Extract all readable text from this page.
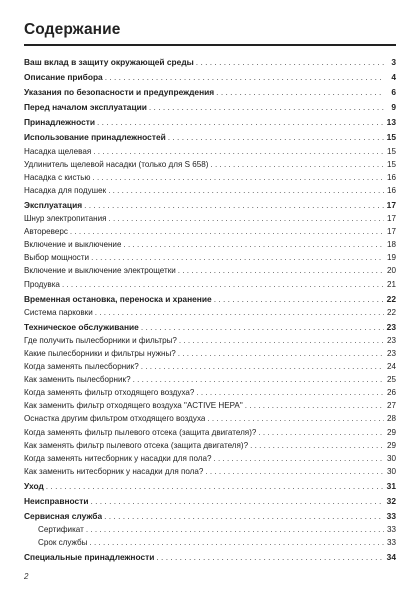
Содержание
Ваш вклад в защиту окружающей среды . . .	3
Описание прибора . . .	4
Указания по безопасности и предупреждения . . .	6
Перед началом эксплуатации . . .	9
Принадлежности . . .	13
Использование принадлежностей . . .	15
Насадка щелевая . . .	15
Удлинитель щелевой насадки (только для S 658) . . .	15
Насадка с кистью . . .	16
Насадка для подушек . . .	16
Эксплуатация . . .	17
Шнур электропитания . . .	17
Автореверс . . .	17
Включение и выключение . . .	18
Выбор мощности . . .	19
Включение и выключение электрощетки . . .	20
Продувка . . .	21
Временная остановка, переноска и хранение . . .	22
Система парковки . . .	22
Техническое обслуживание . . .	23
Где получить пылесборники и фильтры? . . .	23
Какие пылесборники и фильтры нужны? . . .	23
Когда заменять пылесборник? . . .	24
Как заменить пылесборник? . . .	25
Когда заменять фильтр отходящего воздуха? . . .	26
Как заменить фильтр отходящего воздуха "ACTIVE HEPA" . . .	27
Оснастка другим фильтром отходящего воздуха . . .	28
Когда заменять фильтр пылевого отсека (защита двигателя)? . . .	29
Как заменять фильтр пылевого отсека (защита двигателя)? . . .	29
Когда заменять нитесборник у насадки для пола? . . .	30
Как заменить нитесборник у насадки для пола? . . .	30
Уход . . .	31
Неисправности . . .	32
Сервисная служба . . .	33
Сертификат . . .	33
Срок службы . . .	33
Специальные принадлежности . . .	34
2
